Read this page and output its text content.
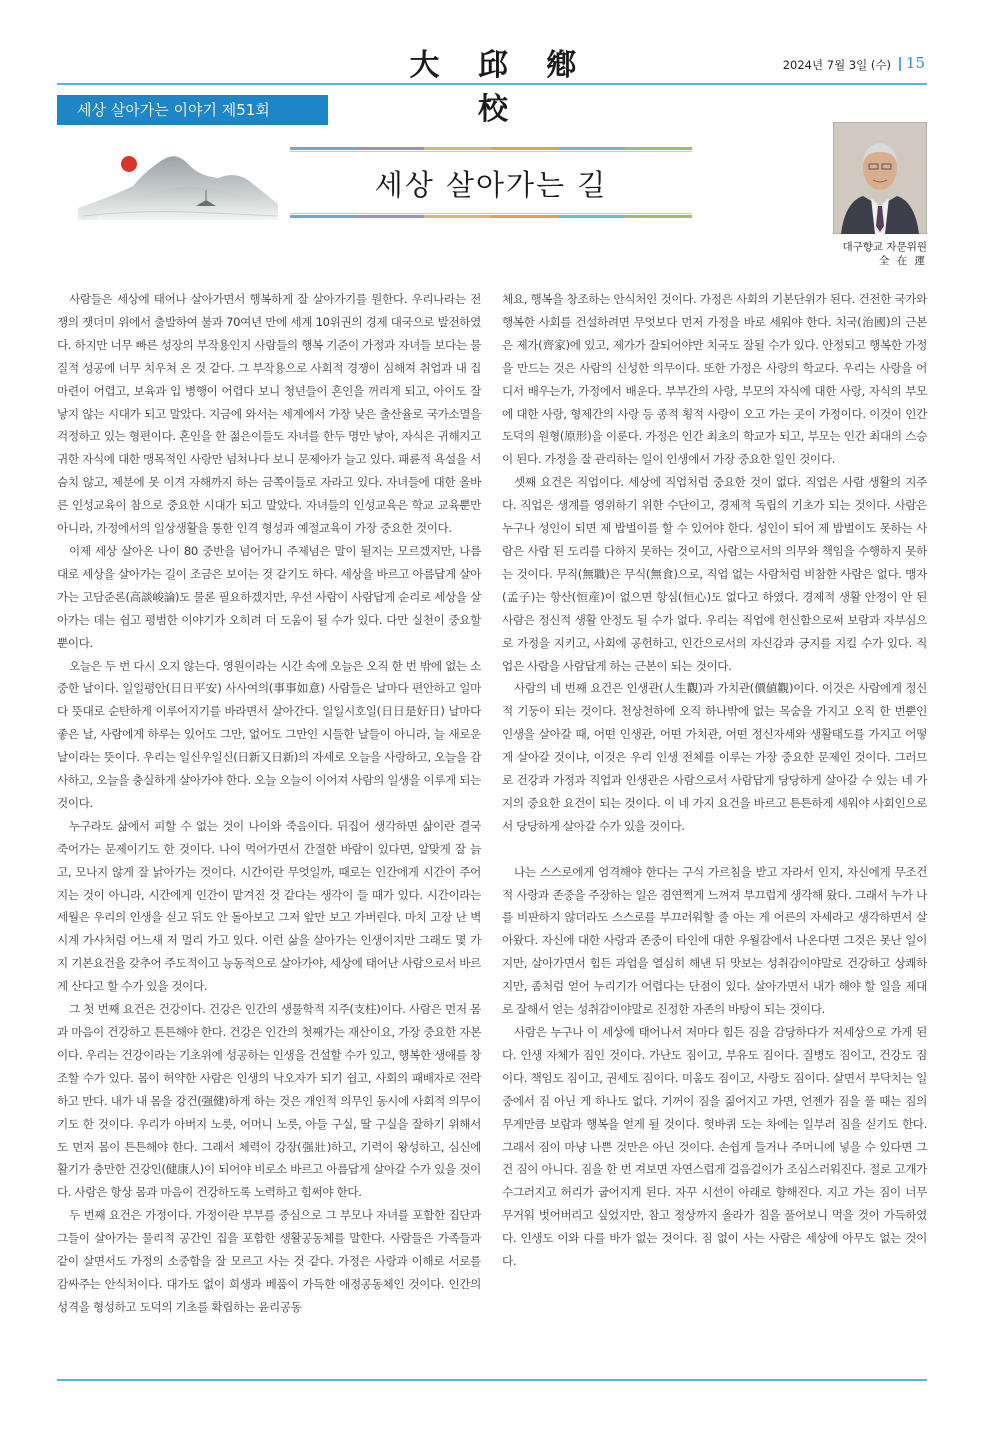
大 邱 鄕 校
2024년 7월 3일 (수) 15
세상 살아가는 이야기 제51회
세상 살아가는 길
대구향교 자문위원
全 在 運

사람들은 세상에 태어나 살아가면서 행복하게 잘 살아가기를 원한다. 우리나라는 전쟁의 잿더미 위에서 출발하여 불과 70여년 만에 세계 10위권의 경제 대국으로 발전하였다. 하지만 너무 빠른 성장의 부작용인지 사람들의 행복 기준이 가정과 자녀들 보다는 물질적 성공에 너무 치우쳐 온 것 같다. 그 부작용으로 사회적 경쟁이 심해져 취업과 내 집 마련이 어렵고, 보육과 입 병행이 어렵다 보니 청년들이 혼인을 꺼리게 되고, 아이도 잘 낳지 않는 시대가 되고 말았다. 지금에 와서는 세계에서 가장 낮은 출산율로 국가소멸을 걱정하고 있는 형편이다. 혼인을 한 젊은이들도 자녀를 한두 명만 낳아, 자식은 귀해지고 귀한 자식에 대한 맹목적인 사랑만 넘쳐나다 보니 문제아가 늘고 있다. 패륜적 욕설을 서슴치 않고, 제분에 못 이겨 자해까지 하는 금쪽이들로 자라고 있다. 자녀들에 대한 올바른 인성교육이 참으로 중요한 시대가 되고 말았다. 자녀들의 인성교육은 학교 교육뿐만 아니라, 가정에서의 일상생활을 통한 인격 형성과 예절교육이 가장 중요한 것이다.

이제 세상 살아온 나이 80 중반을 넘어가니 주제넘은 말이 될지는 모르겠지만, 나름대로 세상을 살아가는 길이 조금은 보이는 것 같기도 하다. 세상을 바르고 아름답게 살아가는 고담준론(高談峻論)도 물론 필요하겠지만, 우선 사람이 사람답게 순리로 세상을 살아가는 데는 쉽고 평범한 이야기가 오히려 더 도움이 될 수가 있다. 다만 실천이 중요할 뿐이다.

오늘은 두 번 다시 오지 않는다. 영원이라는 시간 속에 오늘은 오직 한 번 밖에 없는 소중한 날이다. 일일평안(日日平安) 사사여의(事事如意) 사람들은 날마다 편안하고 일마다 뜻대로 순탄하게 이루어지기를 바라면서 살아간다. 일일시호일(日日是好日) 날마다 좋은 날, 사람에게 하루는 있어도 그만, 없어도 그만인 시들한 날들이 아니라, 늘 새로운 날이라는 뜻이다. 우리는 일신우일신(日新又日新)의 자세로 오늘을 사랑하고, 오늘을 감사하고, 오늘을 충실하게 살아가야 한다. 오늘 오늘이 이어져 사람의 일생을 이루게 되는 것이다.

누구라도 삶에서 피할 수 없는 것이 나이와 죽음이다. 뒤집어 생각하면 삶이란 결국 죽어가는 문제이기도 한 것이다. 나이 먹어가면서 간절한 바람이 있다면, 알맞게 잘 늙고, 모나지 않게 잘 낡아가는 것이다. 시간이란 무엇일까, 때로는 인간에게 시간이 주어지는 것이 아니라, 시간에게 인간이 맡겨진 것 같다는 생각이 들 때가 있다. 시간이라는 세월은 우리의 인생을 싣고 뒤도 안 돌아보고 그저 앞만 보고 가버린다. 마치 고장 난 벽시계 가사처럼 어느새 저 멀리 가고 있다. 이런 삶을 살아가는 인생이지만 그래도 몇 가지 기본요건을 갖추어 주도적이고 능동적으로 살아가야, 세상에 태어난 사람으로서 바르게 산다고 할 수가 있을 것이다.

그 첫 번째 요건은 건강이다. 건강은 인간의 생물학적 지주(支柱)이다. 사람은 먼저 몸과 마음이 건강하고 튼튼해야 한다. 건강은 인간의 첫째가는 재산이요, 가장 중요한 자본이다. 우리는 건강이라는 기초위에 성공하는 인생을 건설할 수가 있고, 행복한 생애를 창조할 수가 있다. 몸이 허약한 사람은 인생의 낙오자가 되기 쉽고, 사회의 패배자로 전락하고 만다. 내가 내 몸을 강건(强健)하게 하는 것은 개인적 의무인 동시에 사회적 의무이기도 한 것이다. 우리가 아버지 노릇, 어머니 노릇, 아들 구실, 딸 구실을 잘하기 위해서도 먼저 몸이 튼튼해야 한다. 그래서 체력이 강장(强壯)하고, 기력이 왕성하고, 심신에 활기가 충만한 건강인(健康人)이 되어야 비로소 바르고 아름답게 살아갈 수가 있을 것이다. 사람은 항상 몸과 마음이 건강하도록 노력하고 힘써야 한다.

두 번째 요건은 가정이다. 가정이란 부부를 중심으로 그 부모나 자녀를 포함한 집단과 그들이 살아가는 물리적 공간인 집을 포함한 생활공동체를 말한다. 사람들은 가족들과 같이 살면서도 가정의 소중함을 잘 모르고 사는 것 같다. 가정은 사랑과 이해로 서로를 감싸주는 안식처이다. 대가도 없이 희생과 베품이 가득한 애정공동체인 것이다. 인간의 성격을 형성하고 도덕의 기초를 확립하는 윤리공동

체요, 행복을 창조하는 안식처인 것이다. 가정은 사회의 기본단위가 된다. 건전한 국가와 행복한 사회를 건설하려면 무엇보다 먼저 가정을 바로 세워야 한다. 치국(治國)의 근본은 제가(齊家)에 있고, 제가가 잘되어야만 치국도 잘될 수가 있다. 안정되고 행복한 가정을 만드는 것은 사람의 신성한 의무이다. 또한 가정은 사랑의 학교다. 우리는 사랑을 어디서 배우는가, 가정에서 배운다. 부부간의 사랑, 부모의 자식에 대한 사랑, 자식의 부모에 대한 사랑, 형제간의 사랑 등 종적 횡적 사랑이 오고 가는 곳이 가정이다. 이것이 인간 도덕의 원형(原形)을 이룬다. 가정은 인간 최초의 학교가 되고, 부모는 인간 최대의 스승이 된다. 가정을 잘 관리하는 일이 인생에서 가장 중요한 일인 것이다.

셋째 요건은 직업이다. 세상에 직업처럼 중요한 것이 없다. 직업은 사람 생활의 지주다. 직업은 생계를 영위하기 위한 수단이고, 경제적 독립의 기초가 되는 것이다. 사람은 누구나 성인이 되면 제 밥벌이를 할 수 있어야 한다. 성인이 되어 제 밥벌이도 못하는 사람은 사람 된 도리를 다하지 못하는 것이고, 사람으로서의 의무와 책임을 수행하지 못하는 것이다. 무직(無職)은 무식(無食)으로, 직업 없는 사람처럼 비참한 사람은 없다. 맹자(孟子)는 항산(恒産)이 없으면 항심(恒心)도 없다고 하였다. 경제적 생활 안정이 안 된 사람은 정신적 생활 안정도 될 수가 없다. 우리는 직업에 헌신함으로써 보람과 자부심으로 가정을 지키고, 사회에 공헌하고, 인간으로서의 자신감과 긍지를 지킬 수가 있다. 직업은 사람을 사람답게 하는 근본이 되는 것이다.

사람의 네 번째 요건은 인생관(人生觀)과 가치관(價値觀)이다. 이것은 사람에게 정신적 기둥이 되는 것이다. 천상천하에 오직 하나밖에 없는 목숨을 가지고 오직 한 번뿐인 인생을 살아갈 때, 어떤 인생관, 어떤 가치관, 어떤 정신자세와 생활태도를 가지고 어떻게 살아갈 것이냐, 이것은 우리 인생 전체를 이루는 가장 중요한 문제인 것이다. 그러므로 건강과 가정과 직업과 인생관은 사람으로서 사람답게 당당하게 살아갈 수 있는 네 가지의 중요한 요건이 되는 것이다. 이 네 가지 요건을 바르고 튼튼하게 세워야 사회인으로서 당당하게 살아갈 수가 있을 것이다.

나는 스스로에게 엄격해야 한다는 구식 가르침을 받고 자라서 인지, 자신에게 무조건적 사랑과 존중을 주장하는 일은 겸연쩍게 느껴져 부끄럽게 생각해 왔다. 그래서 누가 나를 비판하지 않더라도 스스로를 부끄러워할 줄 아는 게 어른의 자세라고 생각하면서 살아왔다. 자신에 대한 사랑과 존중이 타인에 대한 우월감에서 나온다면 그것은 못난 일이지만, 살아가면서 힘든 과업을 열심히 해낸 뒤 맛보는 성취감이야말로 건강하고 상쾌하지만, 좀처럼 얻어 누리기가 어렵다는 단점이 있다. 살아가면서 내가 해야 할 일을 제대로 잘해서 얻는 성취감이야말로 진정한 자존의 바탕이 되는 것이다.

사람은 누구나 이 세상에 태어나서 저마다 힘든 짐을 감당하다가 저세상으로 가게 된다. 인생 자체가 짐인 것이다. 가난도 짐이고, 부유도 짐이다. 질병도 짐이고, 건강도 짐이다. 책임도 짐이고, 권세도 짐이다. 미움도 짐이고, 사랑도 짐이다. 살면서 부닥치는 일 중에서 짐 아닌 게 하나도 없다. 기꺼이 짐을 짊어지고 가면, 언젠가 짐을 풀 때는 짐의 무게만큼 보람과 행복을 얻게 될 것이다. 헛바퀴 도는 차에는 일부러 짐을 싣기도 한다. 그래서 짐이 마냥 나쁜 것만은 아닌 것이다. 손쉽게 들거나 주머니에 넣을 수 있다면 그건 짐이 아니다. 짐을 한 번 져보면 자연스럽게 걸음걸이가 조심스러워진다. 절로 고개가 수그러지고 허리가 굽어지게 된다. 자꾸 시선이 아래로 향해진다. 지고 가는 짐이 너무 무거워 벗어버리고 싶었지만, 참고 정상까지 올라가 짐을 풀어보니 먹을 것이 가득하였다. 인생도 이와 다를 바가 없는 것이다. 짐 없이 사는 사람은 세상에 아무도 없는 것이다.
